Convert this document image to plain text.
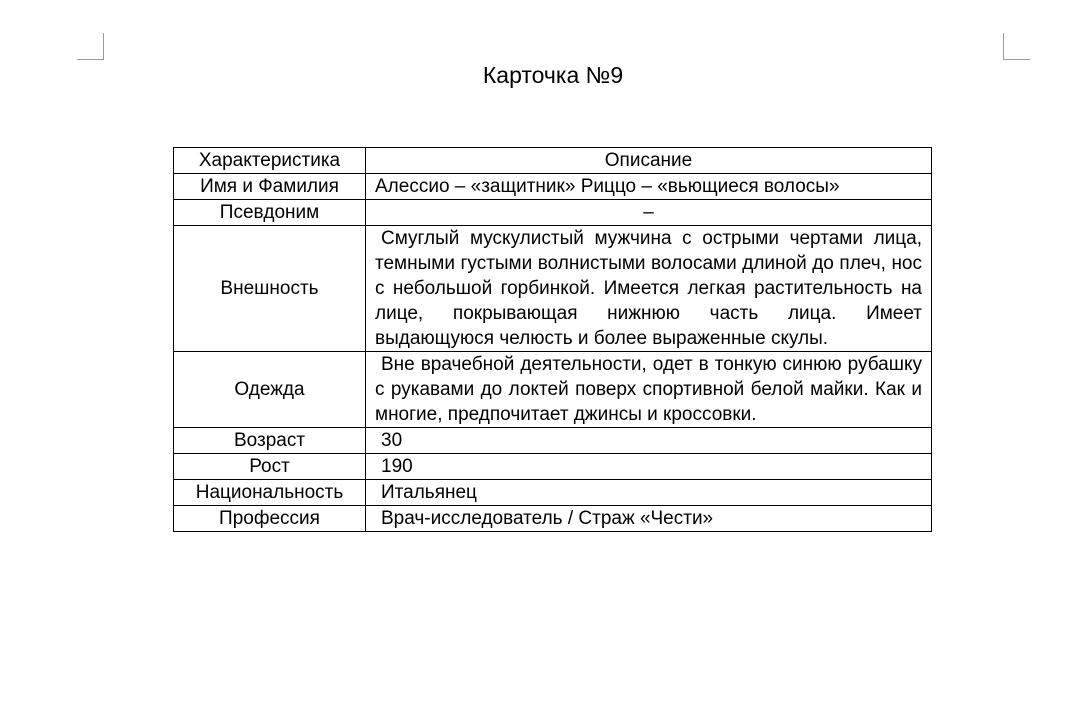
Карточка №9
Характеристика	Описание
Имя и Фамилия	Алессио – «защитник» Риццо – «вьющиеся волосы»
Псевдоним	–
Внешность	Смуглый мускулистый мужчина с острыми чертами лица, темными густыми волнистыми волосами длиной до плеч, нос с небольшой горбинкой. Имеется легкая растительность на лице, покрывающая нижнюю часть лица. Имеет выдающуюся челюсть и более выраженные скулы.
Одежда	Вне врачебной деятельности, одет в тонкую синюю рубашку с рукавами до локтей поверх спортивной белой майки. Как и многие, предпочитает джинсы и кроссовки.
Возраст	30
Рост	190
Национальность	Итальянец
Профессия	Врач-исследователь / Страж «Чести»
